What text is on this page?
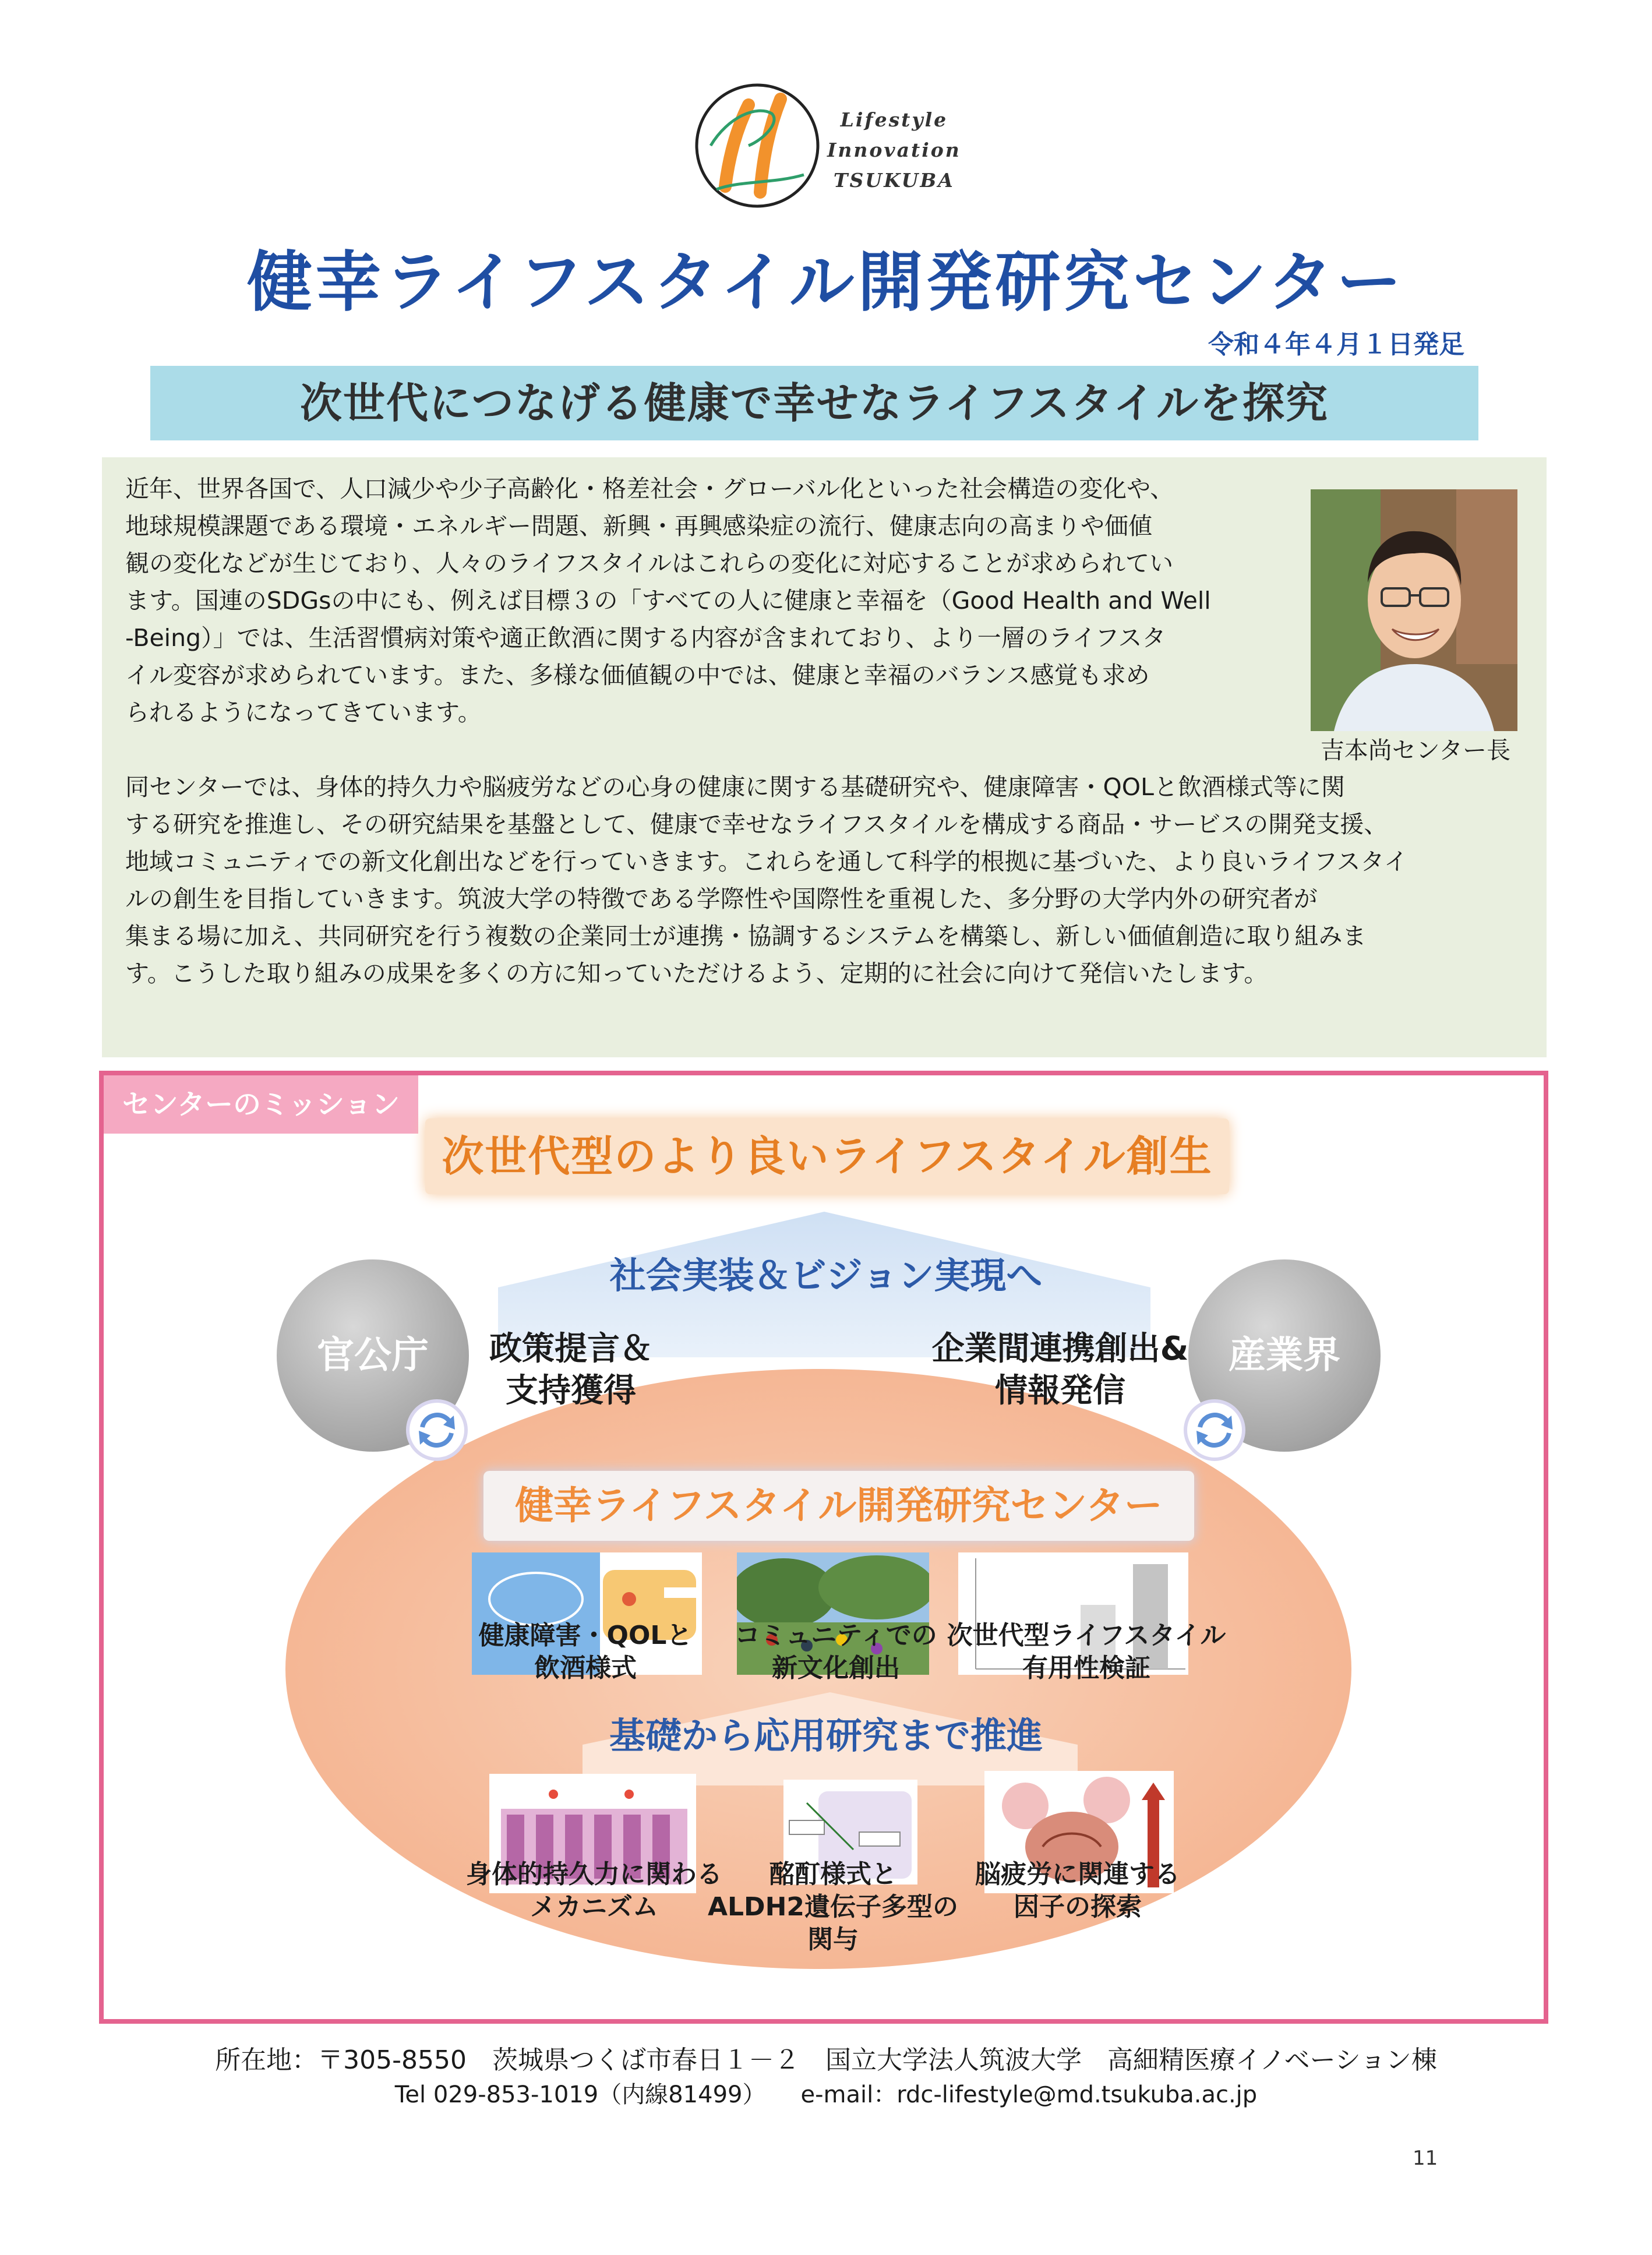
Lifestyle
Innovation
TSUKUBA
健幸ライフスタイル開発研究センター
令和４年４月１日発足
次世代につなげる健康で幸せなライフスタイルを探究
近年、世界各国で、人口減少や少子高齢化・格差社会・グローバル化といった社会構造の変化や、
地球規模課題である環境・エネルギー問題、新興・再興感染症の流行、健康志向の高まりや価値
観の変化などが生じており、人々のライフスタイルはこれらの変化に対応することが求められてい
ます。国連のSDGsの中にも、例えば目標３の「すべての人に健康と幸福を（Good Health and Well
-Being）」では、生活習慣病対策や適正飲酒に関する内容が含まれており、より一層のライフスタ
イル変容が求められています。また、多様な価値観の中では、健康と幸福のバランス感覚も求め
られるようになってきています。
同センターでは、身体的持久力や脳疲労などの心身の健康に関する基礎研究や、健康障害・QOLと飲酒様式等に関
する研究を推進し、その研究結果を基盤として、健康で幸せなライフスタイルを構成する商品・サービスの開発支援、
地域コミュニティでの新文化創出などを行っていきます。これらを通して科学的根拠に基づいた、より良いライフスタイ
ルの創生を目指していきます。筑波大学の特徴である学際性や国際性を重視した、多分野の大学内外の研究者が
集まる場に加え、共同研究を行う複数の企業同士が連携・協調するシステムを構築し、新しい価値創造に取り組みま
す。こうした取り組みの成果を多くの方に知っていただけるよう、定期的に社会に向けて発信いたします。
吉本尚センター長
センターのミッション
次世代型のより良いライフスタイル創生
社会実装＆ビジョン実現へ
官公庁	産業界
政策提言＆
支持獲得
企業間連携創出&
情報発信
健幸ライフスタイル開発研究センター
健康障害・QOLと
飲酒様式
コミュニティでの
新文化創出
次世代型ライフスタイル
有用性検証
基礎から応用研究まで推進
身体的持久力に関わる
メカニズム
酩酊様式と
ALDH2遺伝子多型の関与
脳疲労に関連する
因子の探索
所在地：〒305-8550　茨城県つくば市春日１－２　国立大学法人筑波大学　高細精医療イノベーション棟
Tel 029-853-1019（内線81499）　　e-mail：rdc-lifestyle@md.tsukuba.ac.jp
11
